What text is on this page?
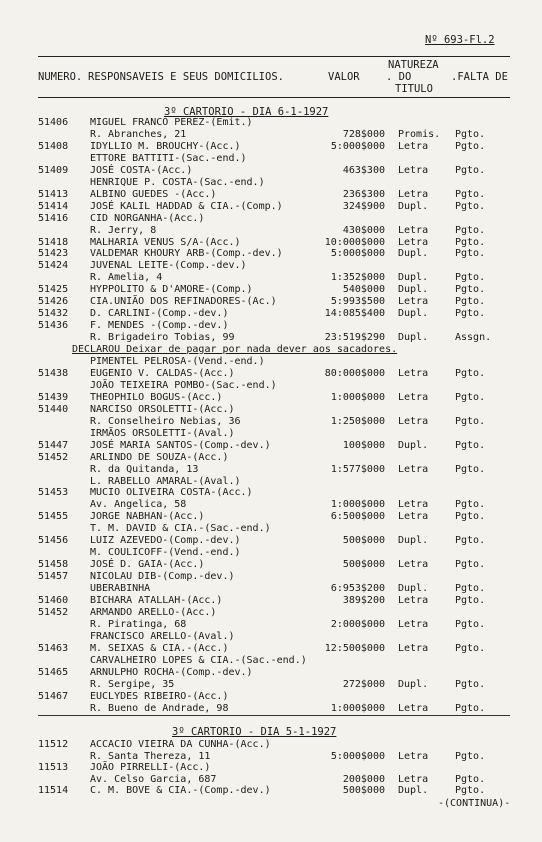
Nº 693-Fl.2
NUMERO. RESPONSAVEIS E SEUS DOMICILIOS.	VALOR
NATUREZA
. DO
TITULO
.FALTA DE
3º CARTORIO - DIA 6-1-1927
51406 MIGUEL FRANCO PEREZ-(Emit.)
R. Abranches, 21	728$000 Promis. Pgto.
51408 IDYLLIO M. BROUCHY-(Acc.)	5:000$000 Letra	Pgto.
ETTORE BATTITI-(Sac.-end.)
51409 JOSÉ COSTA-(Acc.)	463$300 Letra	Pgto.
HENRIQUE P. COSTA-(Sac.-end.)
51413 ALBINO GUEDES -(Acc.)	236$300 Letra	Pgto.
51414 JOSÉ KALIL HADDAD & CIA.-(Comp.)	324$900 Dupl.	Pgto.
51416 CID NORGANHA-(Acc.)
R. Jerry, 8	430$000 Letra	Pgto.
51418 MALHARIA VENUS S/A-(Acc.)	10:000$000 Letra	Pgto.
51423 VALDEMAR KHOURY ARB-(Comp.-dev.)	5:000$000 Dupl.	Pgto.
51424 JUVENAL LEITE-(Comp.-dev.)
R. Amelia, 4	1:352$000 Dupl.	Pgto.
51425 HYPPOLITO & D'AMORE-(Comp.)	540$000 Dupl.	Pgto.
51426 CIA.UNIÃO DOS REFINADORES-(Ac.)	5:993$500 Letra	Pgto.
51432 D. CARLINI-(Comp.-dev.)	14:085$400 Dupl.	Pgto.
51436 F. MENDES -(Comp.-dev.)
R. Brigadeiro Tobias, 99	23:519$290 Dupl.	Assgn.
DECLAROU Deixar de pagar por nada dever aos sacadores.
PIMENTEL PELROSA-(Vend.-end.)
51438 EUGENIO V. CALDAS-(Acc.)	80:000$000 Letra	Pgto.
JOÃO TEIXEIRA POMBO-(Sac.-end.)
51439 THEOPHILO BOGUS-(Acc.)	1:000$000 Letra	Pgto.
51440 NARCISO ORSOLETTI-(Acc.)
R. Conselheiro Nebias, 36	1:250$000 Letra	Pgto.
IRMÃOS ORSOLETTI-(Aval.)
51447 JOSÉ MARIA SANTOS-(Comp.-dev.)	100$000 Dupl.	Pgto.
51452 ARLINDO DE SOUZA-(Acc.)
R. da Quitanda, 13	1:577$000 Letra	Pgto.
L. RABELLO AMARAL-(Aval.)
51453 MUCIO OLIVEIRA COSTA-(Acc.)
Av. Angelica, 58	1:000$000 Letra	Pgto.
51455 JORGE NABHAN-(Acc.)	6:500$000 Letra	Pgto.
T. M. DAVID & CIA.-(Sac.-end.)
51456 LUIZ AZEVEDO-(Comp.-dev.)	500$000 Dupl.	Pgto.
M. COULICOFF-(Vend.-end.)
51458 JOSÉ D. GAIA-(Acc.)	500$000 Letra	Pgto.
51457 NICOLAU DIB-(Comp.-dev.)
UBERABINHA	6:953$200 Dupl.	Pgto.
51460 BICHARA ATALLAH-(Acc.)	389$200 Letra	Pgto.
51452 ARMANDO ARELLO-(Acc.)
R. Piratinga, 68	2:000$000 Letra	Pgto.
FRANCISCO ARELLO-(Aval.)
51463 M. SEIXAS & CIA.-(Acc.)	12:500$000 Letra	Pgto.
CARVALHEIRO LOPES & CIA.-(Sac.-end.)
51465 ARNULPHO ROCHA-(Comp.-dev.)
R. Sergipe, 35	272$000 Dupl.	Pgto.
51467 EUCLYDES RIBEIRO-(Acc.)
R. Bueno de Andrade, 98	1:000$000 Letra	Pgto.
3º CARTORIO - DIA 5-1-1927
11512 ACCACIO VIEIRA DA CUNHA-(Acc.)
R. Santa Thereza, 11	5:000$000 Letra	Pgto.
11513 JOÃO PIRRELLI-(Acc.)
Av. Celso Garcia, 687	200$000 Letra	Pgto.
11514 C. M. BOVE & CIA.-(Comp.-dev.)	500$000 Dupl.	Pgto.
-(CONTINUA)-
